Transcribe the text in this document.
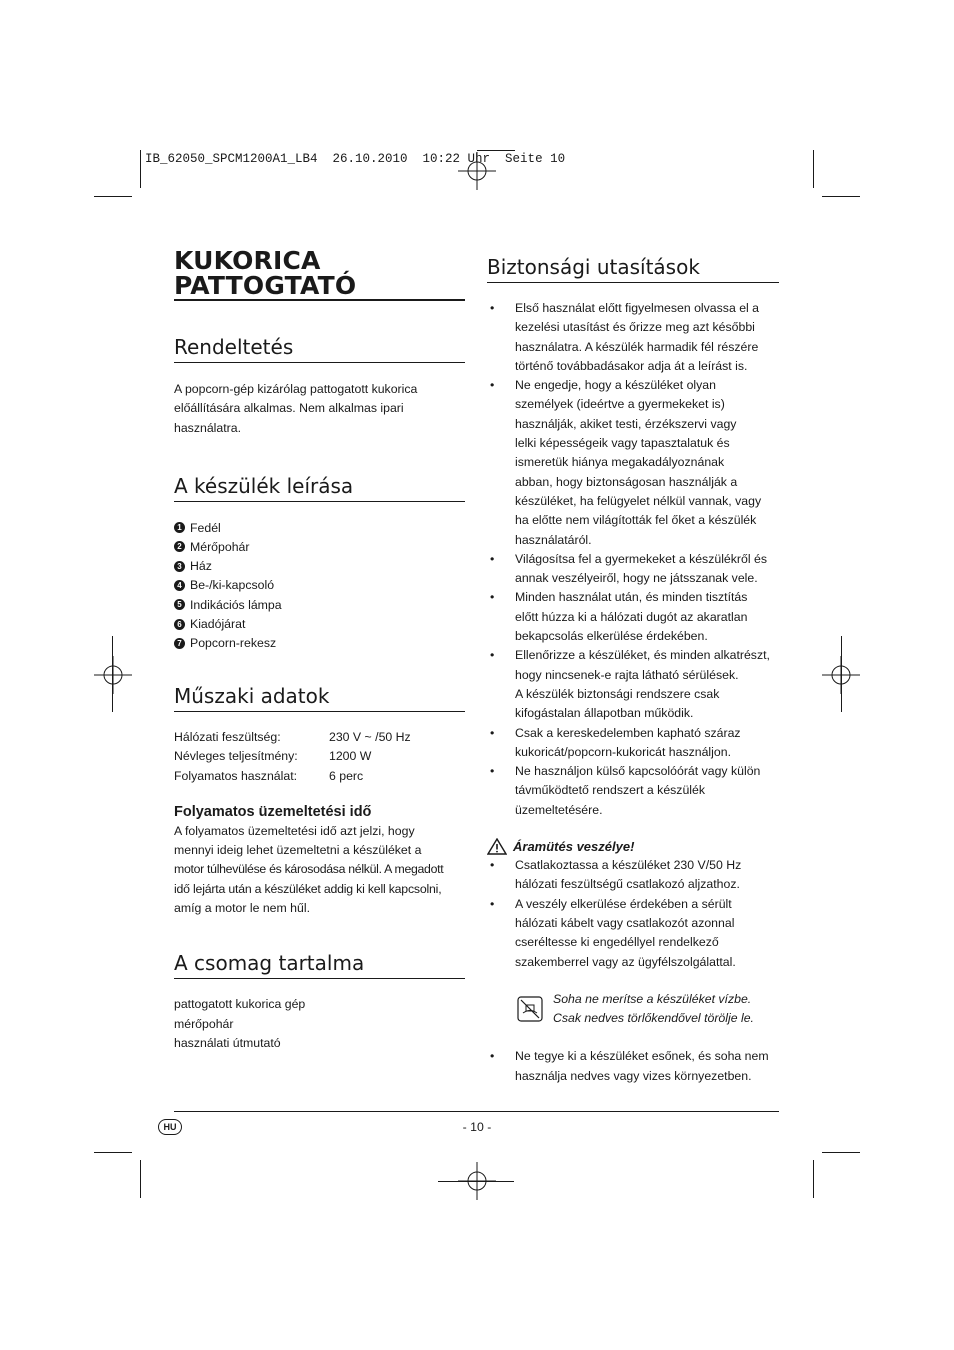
IB_62050_SPCM1200A1_LB4  26.10.2010  10:22 Uhr  Seite 10
KUKORICA
PATTOGTATÓ
Rendeltetés
A popcorn-gép kizárólag pattogatott kukorica
előállítására alkalmas. Nem alkalmas ipari
használatra.
A készülék leírása
1 Fedél
2 Mérőpohár
3 Ház
4 Be-/ki-kapcsoló
5 Indikációs lámpa
6 Kiadójárat
7 Popcorn-rekesz
Műszaki adatok
Hálózati feszültség:	230 V ~ /50 Hz
Névleges teljesítmény:	1200 W
Folyamatos használat:	6 perc
Folyamatos üzemeltetési idő
A folyamatos üzemeltetési idő azt jelzi, hogy
mennyi ideig lehet üzemeltetni a készüléket a
motor túlhevülése és károsodása nélkül. A megadott
idő lejárta után a készüléket addig ki kell kapcsolni,
amíg a motor le nem hűl.
A csomag tartalma
pattogatott kukorica gép
mérőpohár
használati útmutató
Biztonsági utasítások
• Első használat előtt figyelmesen olvassa el a
kezelési utasítást és őrizze meg azt későbbi
használatra. A készülék harmadik fél részére
történő továbbadásakor adja át a leírást is.
• Ne engedje, hogy a készüléket olyan
személyek (ideértve a gyermekeket is)
használják, akiket testi, érzékszervi vagy
lelki képességeik vagy tapasztalatuk és
ismeretük hiánya megakadályoznának
abban, hogy biztonságosan használják a
készüléket, ha felügyelet nélkül vannak, vagy
ha előtte nem világították fel őket a készülék
használatáról.
• Világosítsa fel a gyermekeket a készülékről és
annak veszélyeiről, hogy ne játsszanak vele.
• Minden használat után, és minden tisztítás
előtt húzza ki a hálózati dugót az akaratlan
bekapcsolás elkerülése érdekében.
• Ellenőrizze a készüléket, és minden alkatrészt,
hogy nincsenek-e rajta látható sérülések.
A készülék biztonsági rendszere csak
kifogástalan állapotban működik.
• Csak a kereskedelemben kapható száraz
kukoricát/popcorn-kukoricát használjon.
• Ne használjon külső kapcsolóórát vagy külön
távműködtető rendszert a készülék
üzemeltetésére.
Áramütés veszélye!
• Csatlakoztassa a készüléket 230 V/50 Hz
hálózati feszültségű csatlakozó aljzathoz.
• A veszély elkerülése érdekében a sérült
hálózati kábelt vagy csatlakozót azonnal
cseréltesse ki engedéllyel rendelkező
szakemberrel vagy az ügyfélszolgálattal.
Soha ne merítse a készüléket vízbe.
Csak nedves törlőkendővel törölje le.
• Ne tegye ki a készüléket esőnek, és soha nem
használja nedves vagy vizes környezetben.
HU	- 10 -
